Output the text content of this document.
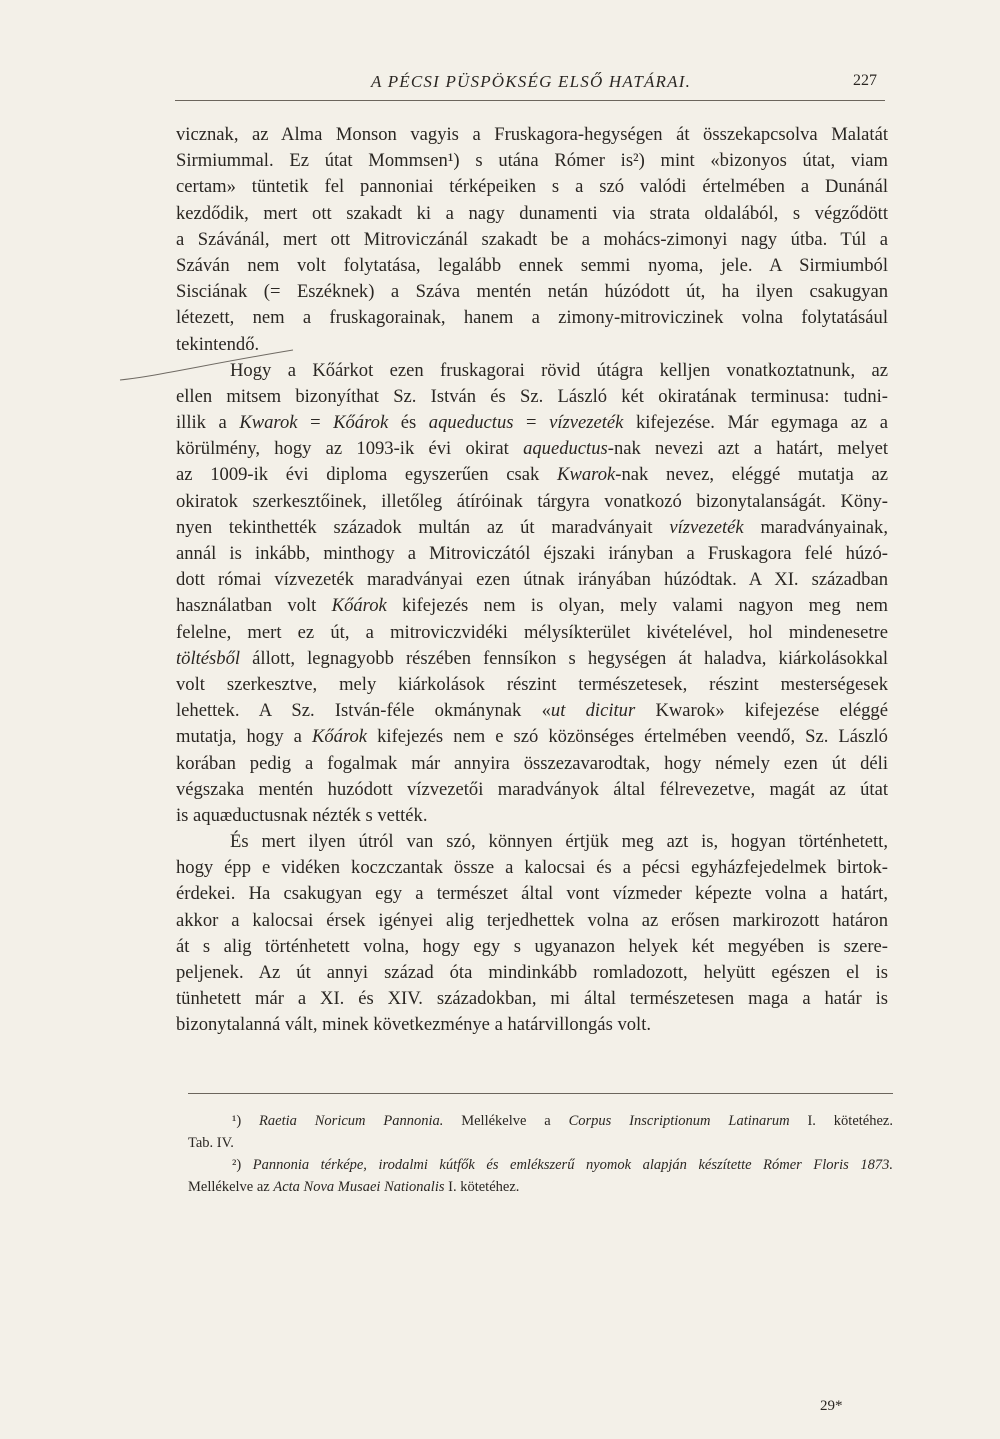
A PÉCSI PÜSPÖKSÉG ELSŐ HATÁRAI.	227
vicznak, az Alma Monson vagyis a Fruskagora-hegységen át összekapcsolva Malatát
Sirmiummal. Ez útat Mommsen¹) s utána Rómer is²) mint «bizonyos útat, viam
certam» tüntetik fel pannoniai térképeiken s a szó valódi értelmében a Dunánál
kezdődik, mert ott szakadt ki a nagy dunamenti via strata oldalából, s végződött
a Szávánál, mert ott Mitroviczánál szakadt be a mohács-zimonyi nagy útba. Túl a
Száván nem volt folytatása, legalább ennek semmi nyoma, jele. A Sirmiumból
Sisciának (= Eszéknek) a Száva mentén netán húzódott út, ha ilyen csakugyan
létezett, nem a fruskagorainak, hanem a zimony-mitroviczinek volna folytatásául
tekintendő.
Hogy a Kőárkot ezen fruskagorai rövid útágra kelljen vonatkoztatnunk, az
ellen mitsem bizonyíthat Sz. István és Sz. László két okiratának terminusa: tudni-
illik a Kwarok = Kőárok és aqueductus = vízvezeték kifejezése. Már egymaga az a
körülmény, hogy az 1093-ik évi okirat aqueductus-nak nevezi azt a határt, melyet
az 1009-ik évi diploma egyszerűen csak Kwarok-nak nevez, eléggé mutatja az
okiratok szerkesztőinek, illetőleg átíróinak tárgyra vonatkozó bizonytalanságát. Köny-
nyen tekinthették századok multán az út maradványait vízvezeték maradványainak,
annál is inkább, minthogy a Mitroviczától éjszaki irányban a Fruskagora felé húzó-
dott római vízvezeték maradványai ezen útnak irányában húzódtak. A XI. században
használatban volt Kőárok kifejezés nem is olyan, mely valami nagyon meg nem
felelne, mert ez út, a mitroviczvidéki mélysíkterület kivételével, hol mindenesetre
töltésből állott, legnagyobb részében fennsíkon s hegységen át haladva, kiárkolásokkal
volt szerkesztve, mely kiárkolások részint természetesek, részint mesterségesek
lehettek. A Sz. István-féle okmánynak «ut dicitur Kwarok» kifejezése eléggé
mutatja, hogy a Kőárok kifejezés nem e szó közönséges értelmében veendő, Sz. László
korában pedig a fogalmak már annyira összezavarodtak, hogy némely ezen út déli
végszaka mentén huzódott vízvezetői maradványok által félrevezetve, magát az útat
is aquæductusnak nézték s vették.
És mert ilyen útról van szó, könnyen értjük meg azt is, hogyan történhetett,
hogy épp e vidéken koczczantak össze a kalocsai és a pécsi egyházfejedelmek birtok-
érdekei. Ha csakugyan egy a természet által vont vízmeder képezte volna a határt,
akkor a kalocsai érsek igényei alig terjedhettek volna az erősen markirozott határon
át s alig történhetett volna, hogy egy s ugyanazon helyek két megyében is szere-
peljenek. Az út annyi század óta mindinkább romladozott, helyütt egészen el is
tünhetett már a XI. és XIV. századokban, mi által természetesen maga a határ is
bizonytalanná vált, minek következménye a határvillongás volt.
¹) Raetia Noricum Pannonia. Mellékelve a Corpus Inscriptionum Latinarum I. kötetéhez.
Tab. IV.
²) Pannonia térképe, irodalmi kútfők és emlékszerű nyomok alapján készítette Rómer Floris 1873.
Mellékelve az Acta Nova Musaei Nationalis I. kötetéhez.
29*
